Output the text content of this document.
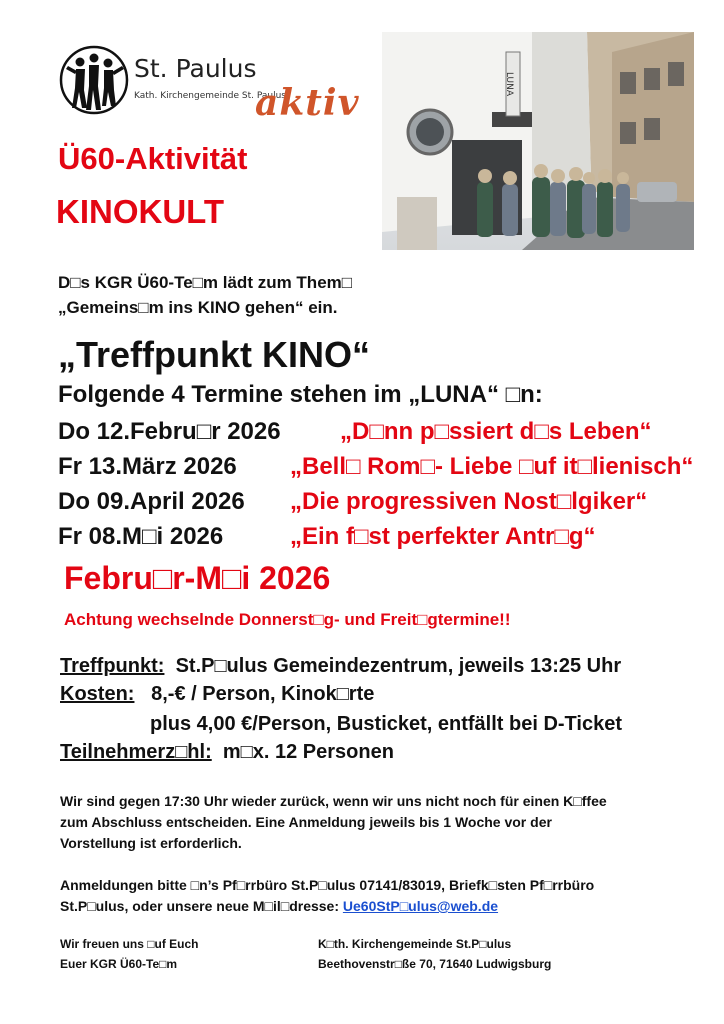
St. Paulus
Kath. Kirchengemeinde St. Paulus
aktiv	LUNA
Ü60-Aktivität
KINOKULT
D□s KGR Ü60-Te□m lädt zum Them□
„Gemeins□m ins KINO gehen“ ein.
„Treffpunkt KINO“
Folgende 4 Termine stehen im „LUNA“ □n:
Do 12.Febru□r 2026 „D□nn p□ssiert d□s Leben“
Fr 13.März 2026 „Bell□ Rom□- Liebe □uf it□lienisch“
Do 09.April 2026 „Die progressiven Nost□lgiker“
Fr 08.M□i 2026	„Ein f□st perfekter Antr□g“
Febru□r-M□i 2026
Achtung wechselnde Donnerst□g- und Freit□gtermine!!
Treffpunkt: St.P□ulus Gemeindezentrum, jeweils 13:25 Uhr
Kosten: 8,-€ / Person, Kinok□rte
plus 4,00 €/Person, Busticket, entfällt bei D-Ticket
Teilnehmerz□hl: m□x. 12 Personen
Wir sind gegen 17:30 Uhr wieder zurück, wenn wir uns nicht noch für einen K□ffee
zum Abschluss entscheiden. Eine Anmeldung jeweils bis 1 Woche vor der
Vorstellung ist erforderlich.
Anmeldungen bitte □n’s Pf□rrbüro St.P□ulus 07141/83019, Briefk□sten Pf□rrbüro
St.P□ulus, oder unsere neue M□il□dresse: Ue60StP□ulus@web.de
Wir freuen uns □uf Euch
Euer KGR Ü60-Te□m
K□th. Kirchengemeinde St.P□ulus
Beethovenstr□ße 70, 71640 Ludwigsburg
